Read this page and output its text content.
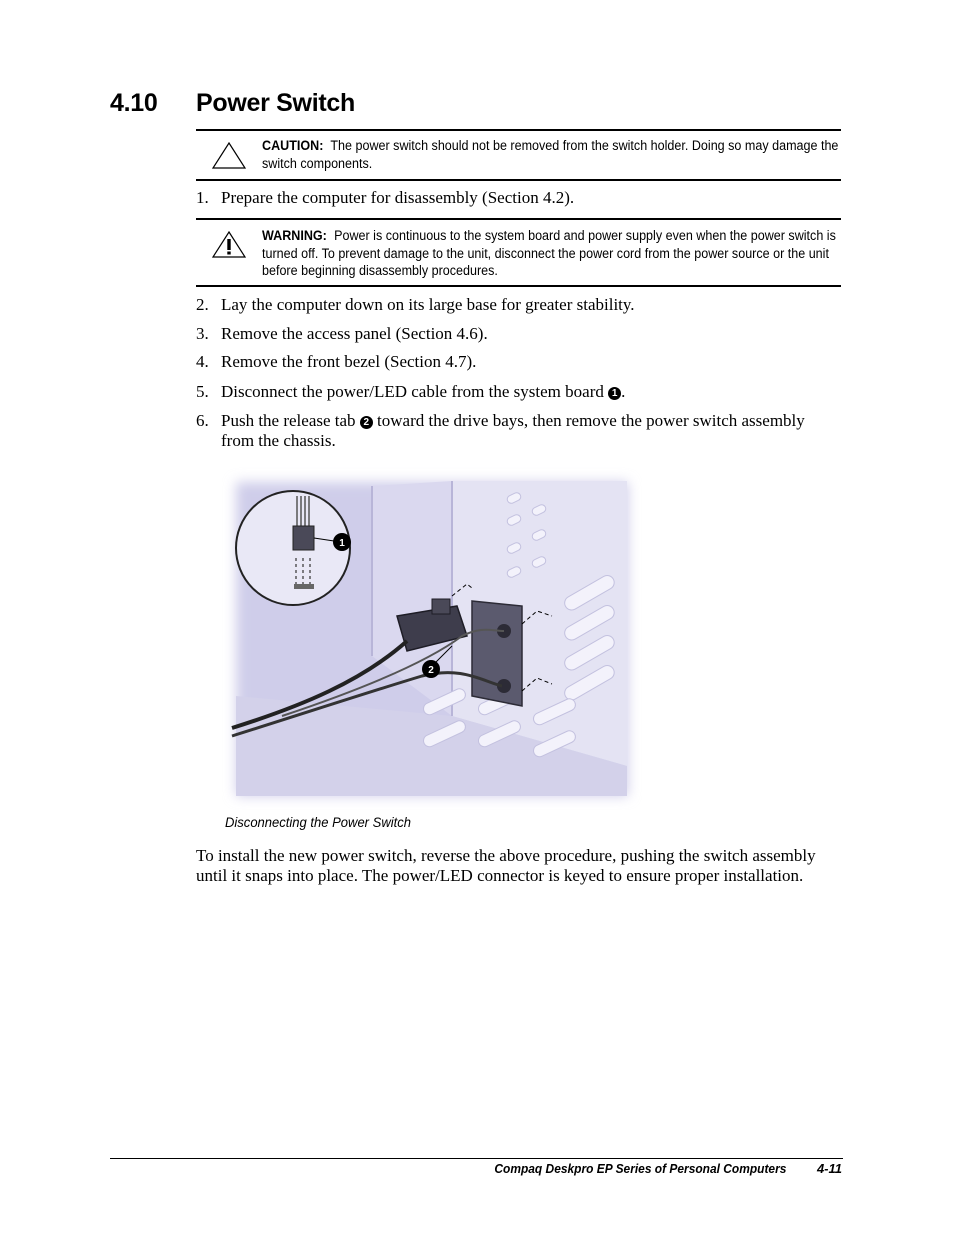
4.10 Power Switch
CAUTION: The power switch should not be removed from the switch holder. Doing so may damage the switch components.
1. Prepare the computer for disassembly (Section 4.2).
WARNING: Power is continuous to the system board and power supply even when the power switch is turned off. To prevent damage to the unit, disconnect the power cord from the power source or the unit before beginning disassembly procedures.
2. Lay the computer down on its large base for greater stability.
3. Remove the access panel (Section 4.6).
4. Remove the front bezel (Section 4.7).
5. Disconnect the power/LED cable from the system board 1 .
6. Push the release tab 2 toward the drive bays, then remove the power switch assembly from the chassis.
1
2
Disconnecting the Power Switch
To install the new power switch, reverse the above procedure, pushing the switch assembly until it snaps into place. The power/LED connector is keyed to ensure proper installation.
Compaq Deskpro EP Series of Personal Computers 4-11
